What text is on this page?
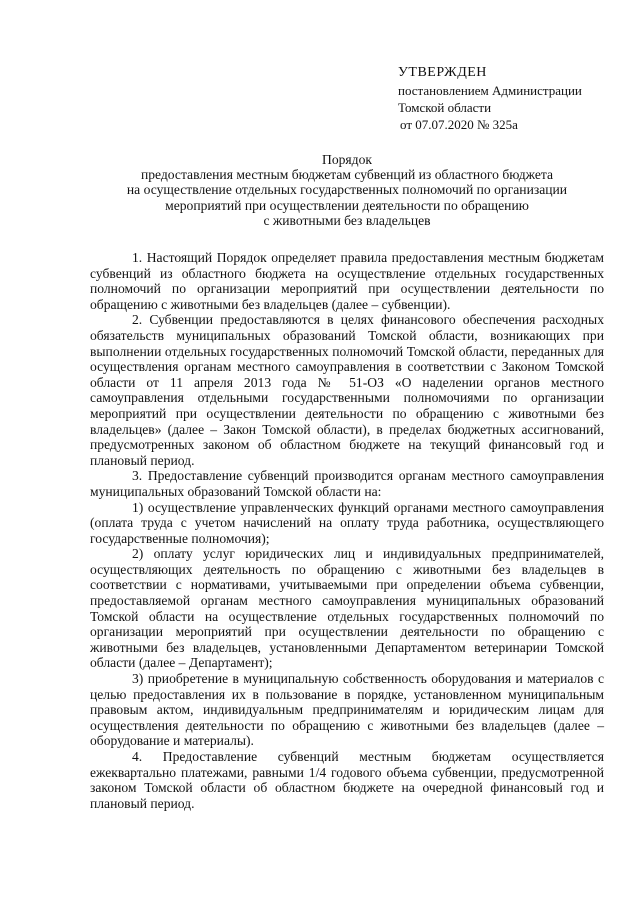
УТВЕРЖДЕН
постановлением Администрации
Томской области
от 07.07.2020 № 325а
Порядок
предоставления местным бюджетам субвенций из областного бюджета
на осуществление отдельных государственных полномочий по организации
мероприятий при осуществлении деятельности по обращению
с животными без владельцев

1. Настоящий Порядок определяет правила предоставления местным бюджетам субвенций из областного бюджета на осуществление отдельных государственных полномочий по организации мероприятий при осуществлении деятельности по обращению с животными без владельцев (далее – субвенции).

2. Субвенции предоставляются в целях финансового обеспечения расходных обязательств муниципальных образований Томской области, возникающих при выполнении отдельных государственных полномочий Томской области, переданных для осуществления органам местного самоуправления в соответствии с Законом Томской области от 11 апреля 2013 года № 51-ОЗ «О наделении органов местного самоуправления отдельными государственными полномочиями по организации мероприятий при осуществлении деятельности по обращению с животными без владельцев» (далее – Закон Томской области), в пределах бюджетных ассигнований, предусмотренных законом об областном бюджете на текущий финансовый год и плановый период.

3. Предоставление субвенций производится органам местного самоуправления муниципальных образований Томской области на:

1) осуществление управленческих функций органами местного самоуправления (оплата труда с учетом начислений на оплату труда работника, осуществляющего государственные полномочия);

2) оплату услуг юридических лиц и индивидуальных предпринимателей, осуществляющих деятельность по обращению с животными без владельцев в соответствии с нормативами, учитываемыми при определении объема субвенции, предоставляемой органам местного самоуправления муниципальных образований Томской области на осуществление отдельных государственных полномочий по организации мероприятий при осуществлении деятельности по обращению с животными без владельцев, установленными Департаментом ветеринарии Томской области (далее – Департамент);

3) приобретение в муниципальную собственность оборудования и материалов с целью предоставления их в пользование в порядке, установленном муниципальным правовым актом, индивидуальным предпринимателям и юридическим лицам для осуществления деятельности по обращению с животными без владельцев (далее – оборудование и материалы).

4. Предоставление субвенций местным бюджетам осуществляется ежеквартально платежами, равными 1/4 годового объема субвенции, предусмотренной законом Томской области об областном бюджете на очередной финансовый год и плановый период.
